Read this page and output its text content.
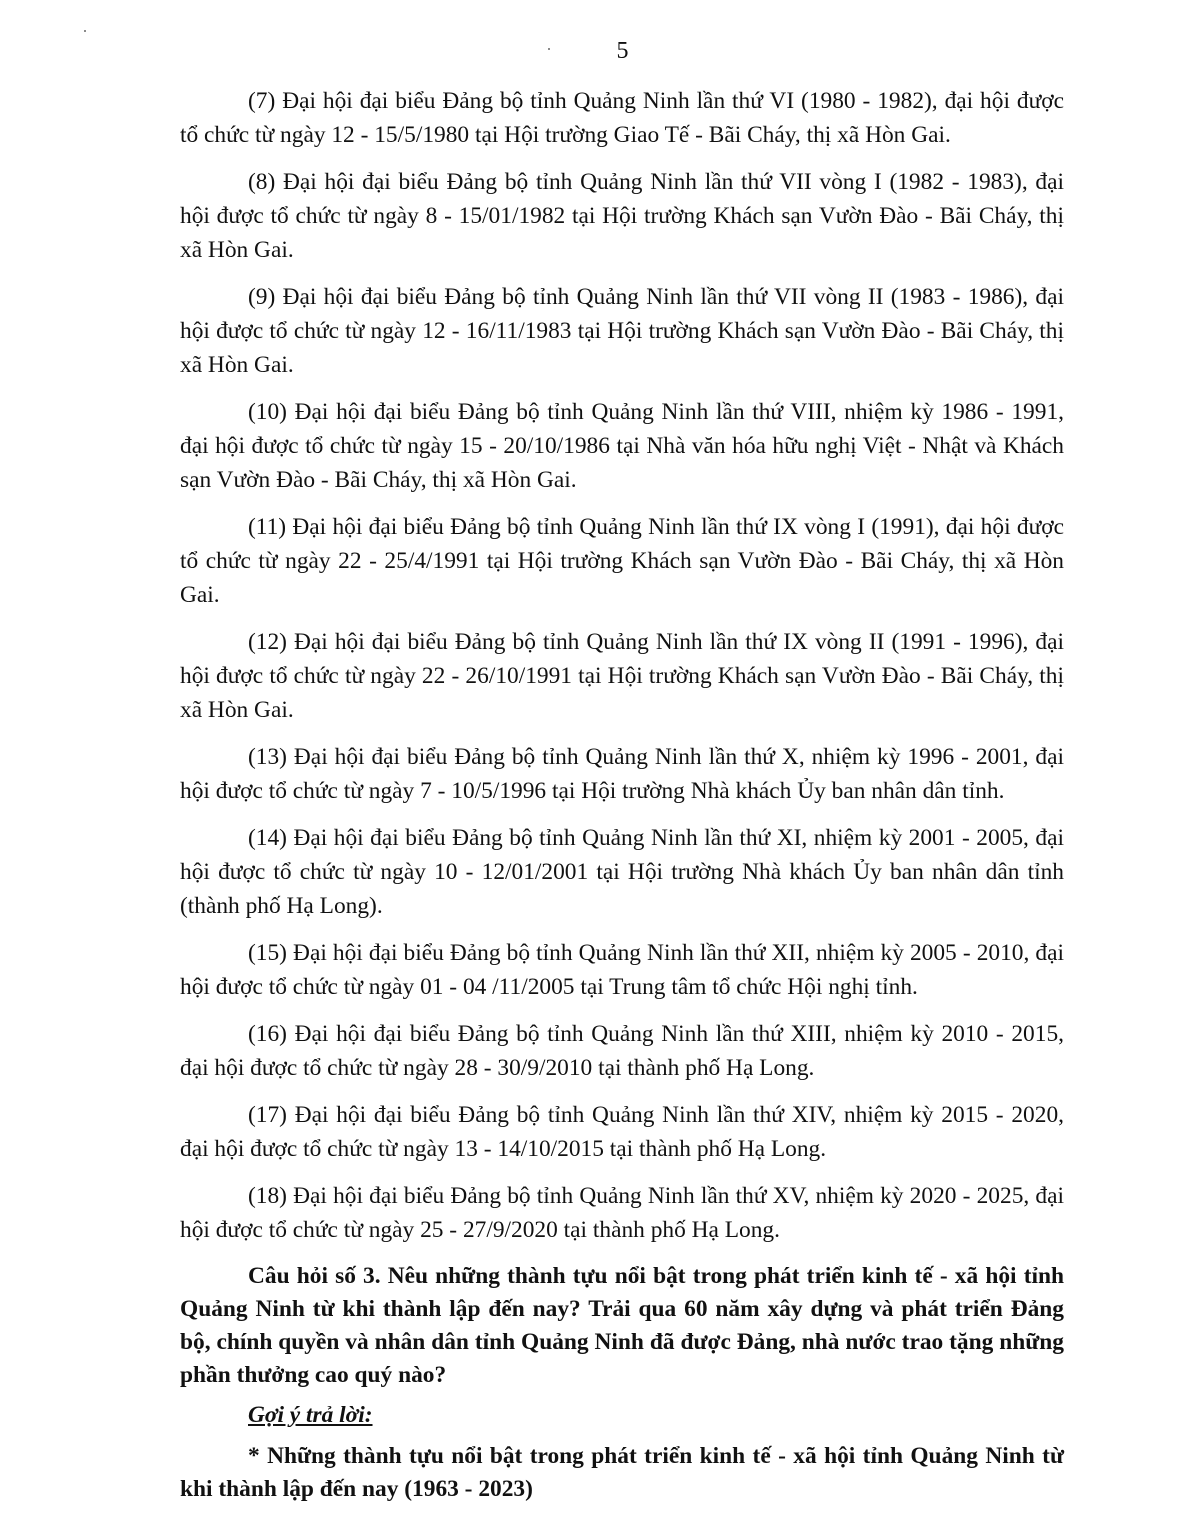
5

(7) Đại hội đại biểu Đảng bộ tỉnh Quảng Ninh lần thứ VI (1980 - 1982), đại hội được tổ chức từ ngày 12 - 15/5/1980 tại Hội trường Giao Tế - Bãi Cháy, thị xã Hòn Gai.

(8) Đại hội đại biểu Đảng bộ tỉnh Quảng Ninh lần thứ VII vòng I (1982 - 1983), đại hội được tổ chức từ ngày 8 - 15/01/1982 tại Hội trường Khách sạn Vườn Đào - Bãi Cháy, thị xã Hòn Gai.

(9) Đại hội đại biểu Đảng bộ tỉnh Quảng Ninh lần thứ VII vòng II (1983 - 1986), đại hội được tổ chức từ ngày 12 - 16/11/1983 tại Hội trường Khách sạn Vườn Đào - Bãi Cháy, thị xã Hòn Gai.

(10) Đại hội đại biểu Đảng bộ tỉnh Quảng Ninh lần thứ VIII, nhiệm kỳ 1986 - 1991, đại hội được tổ chức từ ngày 15 - 20/10/1986 tại Nhà văn hóa hữu nghị Việt - Nhật và Khách sạn Vườn Đào - Bãi Cháy, thị xã Hòn Gai.

(11) Đại hội đại biểu Đảng bộ tỉnh Quảng Ninh lần thứ IX vòng I (1991), đại hội được tổ chức từ ngày 22 - 25/4/1991 tại Hội trường Khách sạn Vườn Đào - Bãi Cháy, thị xã Hòn Gai.

(12) Đại hội đại biểu Đảng bộ tỉnh Quảng Ninh lần thứ IX vòng II (1991 - 1996), đại hội được tổ chức từ ngày 22 - 26/10/1991 tại Hội trường Khách sạn Vườn Đào - Bãi Cháy, thị xã Hòn Gai.

(13) Đại hội đại biểu Đảng bộ tỉnh Quảng Ninh lần thứ X, nhiệm kỳ 1996 - 2001, đại hội được tổ chức từ ngày 7 - 10/5/1996 tại Hội trường Nhà khách Ủy ban nhân dân tỉnh.

(14) Đại hội đại biểu Đảng bộ tỉnh Quảng Ninh lần thứ XI, nhiệm kỳ 2001 - 2005, đại hội được tổ chức từ ngày 10 - 12/01/2001 tại Hội trường Nhà khách Ủy ban nhân dân tỉnh (thành phố Hạ Long).

(15) Đại hội đại biểu Đảng bộ tỉnh Quảng Ninh lần thứ XII, nhiệm kỳ 2005 - 2010, đại hội được tổ chức từ ngày 01 - 04 /11/2005 tại Trung tâm tổ chức Hội nghị tỉnh.

(16) Đại hội đại biểu Đảng bộ tỉnh Quảng Ninh lần thứ XIII, nhiệm kỳ 2010 - 2015, đại hội được tổ chức từ ngày 28 - 30/9/2010 tại thành phố Hạ Long.

(17) Đại hội đại biểu Đảng bộ tỉnh Quảng Ninh lần thứ XIV, nhiệm kỳ 2015 - 2020, đại hội được tổ chức từ ngày 13 - 14/10/2015 tại thành phố Hạ Long.

(18) Đại hội đại biểu Đảng bộ tỉnh Quảng Ninh lần thứ XV, nhiệm kỳ 2020 - 2025, đại hội được tổ chức từ ngày 25 - 27/9/2020 tại thành phố Hạ Long.

Câu hỏi số 3. Nêu những thành tựu nổi bật trong phát triển kinh tế - xã hội tỉnh Quảng Ninh từ khi thành lập đến nay? Trải qua 60 năm xây dựng và phát triển Đảng bộ, chính quyền và nhân dân tỉnh Quảng Ninh đã được Đảng, nhà nước trao tặng những phần thưởng cao quý nào?

Gợi ý trả lời:

* Những thành tựu nổi bật trong phát triển kinh tế - xã hội tỉnh Quảng Ninh từ khi thành lập đến nay (1963 - 2023)
